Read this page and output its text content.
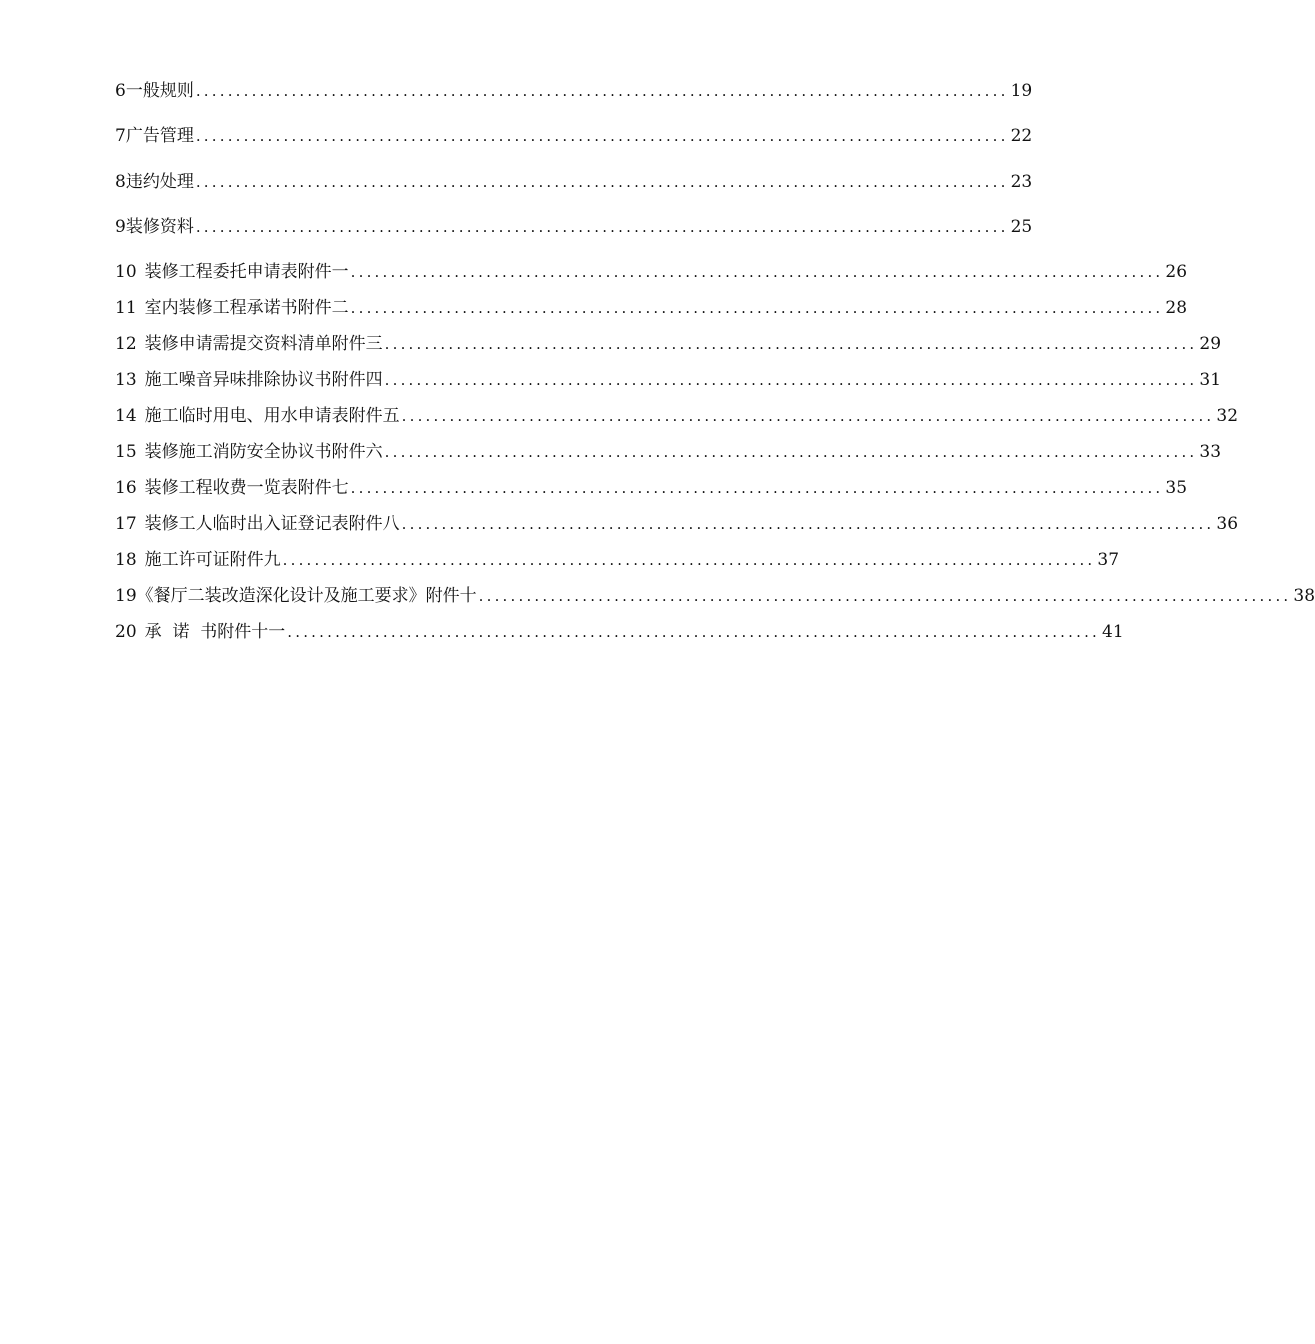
6 一般规则 ...................................................................................................... 19
7 广告管理 ...................................................................................................... 22
8 违约处理 ...................................................................................................... 23
9 装修资料 ...................................................................................................... 25
10 装修工程委托申请表 附件一 ...................................................................................................... 26
11 室内装修工程承诺书 附件二 ...................................................................................................... 28
12 装修申请需提交资料清单 附件三 ...................................................................................................... 29
13 施工噪音异味排除协议书 附件四 ...................................................................................................... 31
14 施工临时用电、用水申请表 附件五 ...................................................................................................... 32
15 装修施工消防安全协议书 附件六 ...................................................................................................... 33
16 装修工程收费一览表 附件七 ...................................................................................................... 35
17 装修工人临时出入证登记表 附件八 ...................................................................................................... 36
18 施工许可证 附件九 ...................................................................................................... 37
19《餐厅二装改造深化设计及施工要求》 附件十 ...................................................................................................... 38
20 承  诺  书 附件十一 ...................................................................................................... 41
